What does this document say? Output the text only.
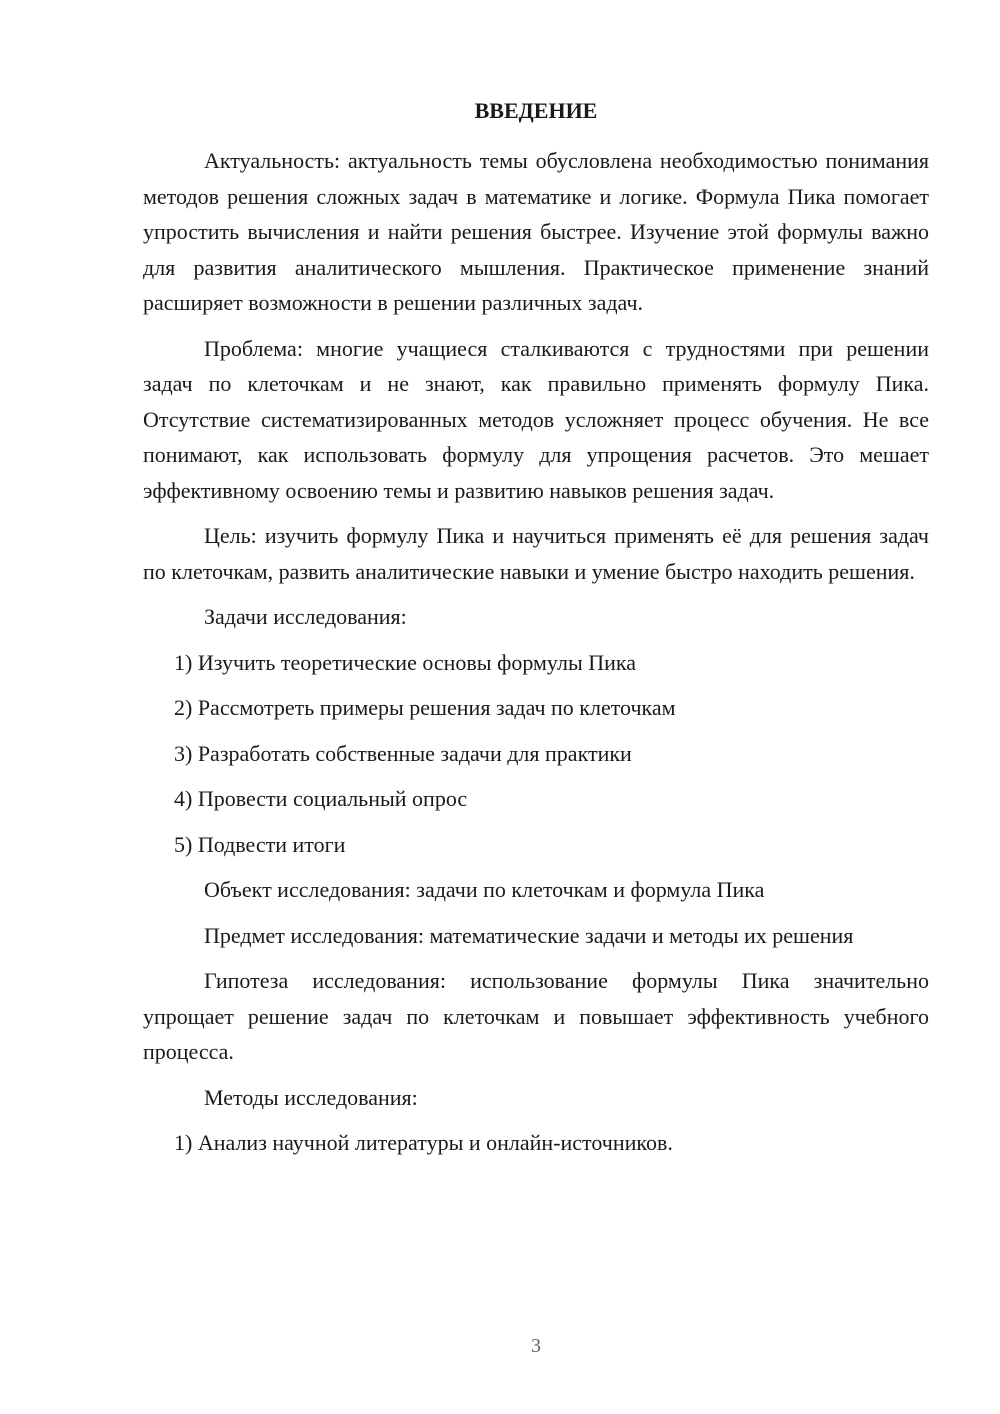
ВВЕДЕНИЕ

Актуальность: актуальность темы обусловлена необходимостью понимания методов решения сложных задач в математике и логике. Формула Пика помогает упростить вычисления и найти решения быстрее. Изучение этой формулы важно для развития аналитического мышления. Практическое применение знаний расширяет возможности в решении различных задач.

Проблема: многие учащиеся сталкиваются с трудностями при решении задач по клеточкам и не знают, как правильно применять формулу Пика. Отсутствие систематизированных методов усложняет процесс обучения. Не все понимают, как использовать формулу для упрощения расчетов. Это мешает эффективному освоению темы и развитию навыков решения задач.

Цель: изучить формулу Пика и научиться применять её для решения задач по клеточкам, развить аналитические навыки и умение быстро находить решения.

Задачи исследования:

1) Изучить теоретические основы формулы Пика

2) Рассмотреть примеры решения задач по клеточкам

3) Разработать собственные задачи для практики

4) Провести социальный опрос

5) Подвести итоги

Объект исследования: задачи по клеточкам и формула Пика

Предмет исследования: математические задачи и методы их решения

Гипотеза исследования: использование формулы Пика значительно упрощает решение задач по клеточкам и повышает эффективность учебного процесса.

Методы исследования:

1) Анализ научной литературы и онлайн-источников.

3
